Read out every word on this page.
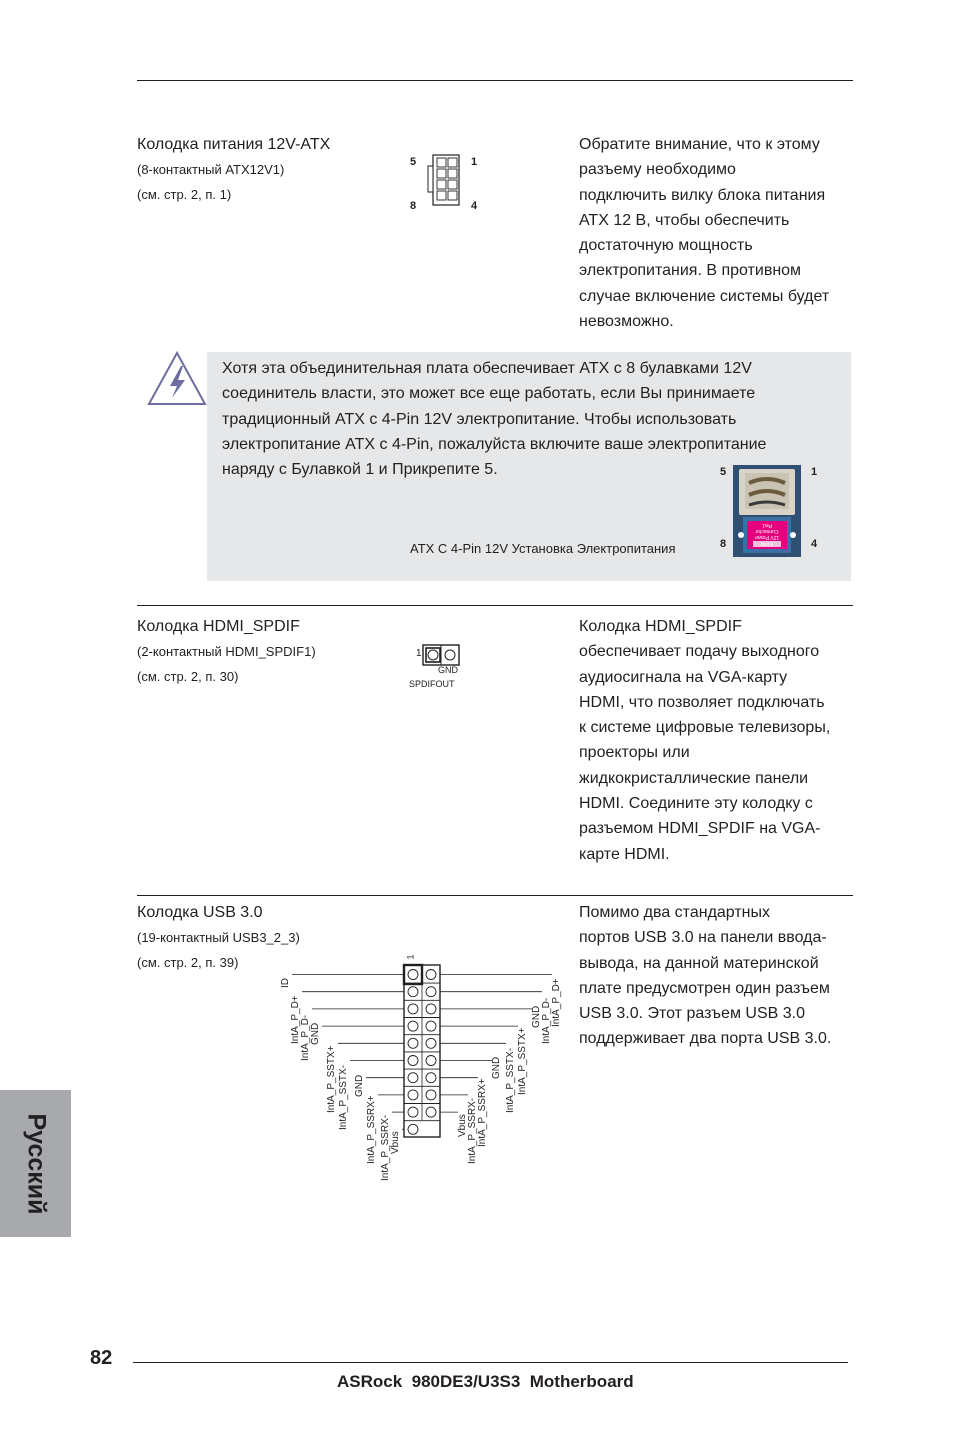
Колодка питания 12V-ATX
(8-контактный ATX12V1)
(см. стр. 2, п. 1)
5	1
8	4
Обратите внимание, что к этому
разъему необходимо
подключить вилку блока питания
АТХ 12 В, чтобы обеспечить
достаточную мощность
электропитания. В противном
случае включение системы будет
невозможно.
Хотя эта объединительная плата обеспечивает ATX с 8 булавками 12V
соединитель власти, это может все еще работать, если Вы принимаете
традиционный ATX с 4-Pin 12V электропитание. Чтобы использовать
электропитание ATX с 4-Pin, пожалуйста включите ваше электропитание
наряду с Булавкой 1 и Прикрепите 5.
ATX С 4-Pin 12V Установка Электропитания
5	1
8	4
8 PIN
12V Power
Connector
Pin1
Колодка HDMI_SPDIF
(2-контактный HDMI_SPDIF1)
(см. стр. 2, п. 30)
1
GND
SPDIFOUT
Колодка HDMI_SPDIF
обеспечивает подачу выходного
аудиосигнала на VGA-карту
HDMI, что позволяет подключать
к системе цифровые телевизоры,
проекторы или
жидкокристаллические панели
HDMI. Соедините эту колодку с
разъемом HDMI_SPDIF на VGA-
карте HDMI.
Колодка USB 3.0
(19-контактный USB3_2_3)
(см. стр. 2, п. 39)	1
ID
IntA_P_D+ IntA_P_D- GND
IntA_P_SSTX+ IntA_P_SSTX- GND
IntA_P_SSRX+ IntA_P_SSRX- Vbus
IntA_P_D+
IntA_P_D-
GND
IntA_P_SSTX+
IntA_P_SSTX-
GND
IntA_P_SSRX+
IntA_P_SSRX-
Vbus
Помимо два стандартных
портов USB 3.0 на панели ввода-
вывода, на данной материнской
плате предусмотрен один разъем
USB 3.0. Этот разъем USB 3.0
поддерживает два порта USB 3.0.
Русский
82
ASRock  980DE3/U3S3  Motherboard
